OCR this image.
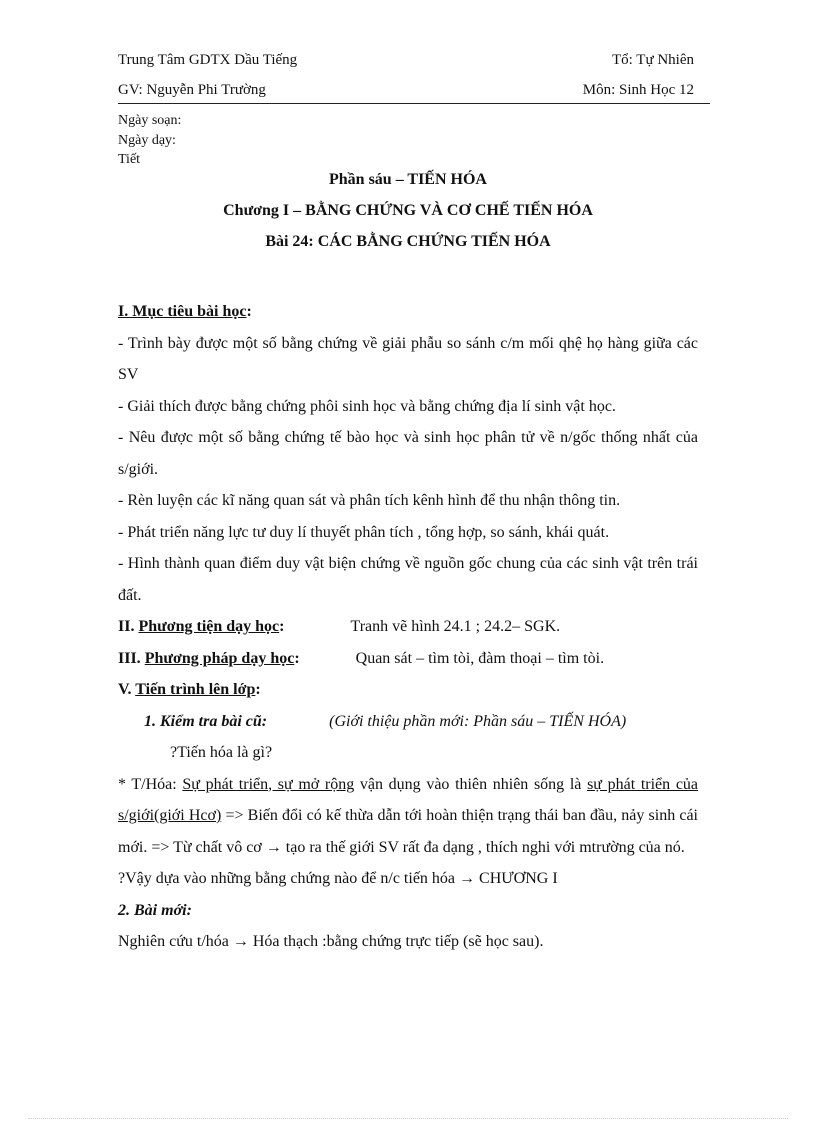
Trung Tâm GDTX Dầu Tiếng	Tổ: Tự Nhiên
GV: Nguyễn Phi Trường	Môn: Sinh Học 12
Ngày soạn:
Ngày dạy:
Tiết
Phần sáu – TIẾN HÓA
Chương I – BẰNG CHỨNG VÀ CƠ CHẾ TIẾN HÓA
Bài 24: CÁC BẰNG CHỨNG TIẾN HÓA

I. Mục tiêu bài học:

- Trình bày được một số bằng chứng về giải phẫu so sánh c/m mối qhệ họ hàng giữa các SV

- Giải thích được bằng chứng phôi sinh học và bằng chứng địa lí sinh vật học.

- Nêu được một số bằng chứng tế bào học và sinh học phân tử về n/gốc thống nhất của s/giới.

- Rèn luyện các kĩ năng quan sát và phân tích kênh hình để thu nhận thông tin.

- Phát triển năng lực tư duy lí thuyết phân tích , tổng hợp, so sánh, khái quát.

- Hình thành quan điểm duy vật biện chứng về nguồn gốc chung của các sinh vật trên trái đất.

II. Phương tiện dạy học:	Tranh vẽ hình 24.1 ; 24.2– SGK.

III. Phương pháp dạy học:	Quan sát – tìm tòi, đàm thoại – tìm tòi.

V. Tiến trình lên lớp:

1. Kiểm tra bài cũ:	(Giới thiệu phần mới: Phần sáu – TIẾN HÓA)

?Tiến hóa là gì?

* T/Hóa: Sự phát triển, sự mở rộng vận dụng vào thiên nhiên sống là sự phát triển của s/giới(giới Hcơ) => Biến đổi có kế thừa dẫn tới hoàn thiện trạng thái ban đầu, nảy sinh cái mới. => Từ chất vô cơ → tạo ra thế giới SV rất đa dạng , thích nghi với mtrường của nó.

?Vậy dựa vào những bằng chứng nào để n/c tiến hóa → CHƯƠNG I

2. Bài mới:

Nghiên cứu t/hóa → Hóa thạch :bằng chứng trực tiếp (sẽ học sau).
